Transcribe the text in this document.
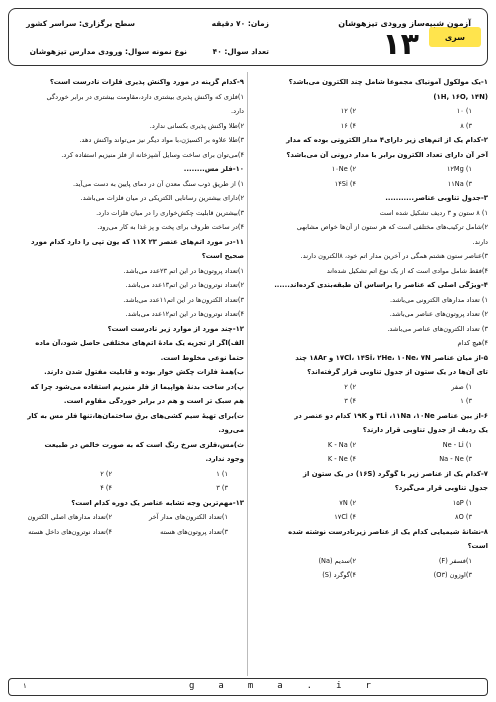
آزمون شبیه‌ساز ورودی تیزهوشان
سری
۱۳
زمان: ۷۰ دقیقه
سطح برگزاری: سراسر کشور
تعداد سوال: ۴۰
نوع نمونه سوال: ورودی مدارس تیزهوشان
۱-یک مولکول آمونیاک مجموعاً شامل چند الکترون می‌باشد؟
(۱H, ۱۶O, ۱۴N)
۱) ۱۰
۲) ۱۲
۳) ۸
۴) ۱۶
۲-کدام یک از اتم‌های زیر دارای۴ مدار الکترونی بوده که مدار
آخر آن دارای تعداد الکترون برابر با مدار درونی آن می‌باشد؟
۱) ۱۲Mg
۲) ۱۰Ne
۳) ۱۱Na
۴) ۱۴Si
۳-جدول تناوبی عناصر...........
۱) ۸ ستون و ۳ ردیف تشکیل شده است
۲)شامل ترکیب‌های مختلفی است که هر ستون از آن‌ها خواص مشابهی
دارند.
۳)عناصر ستون هشتم همگی در آخرین مدار اتم خود، ۸الکترون دارند.
۴)فقط شامل موادی است که از یک نوع اتم تشکیل شده‌اند
۴-ویژگی اصلی که عناصر را براساس آن طبقه‌بندی کرده‌اند......
۱) تعداد مدارهای الکترونی می‌باشد.
۲) تعداد پروتون‌های عناصر می‌باشد.
۳) تعداد الکترون‌های عناصر می‌باشد.
۴)هیچ کدام
۵-از میان عناصر ۱۷Cl، ۱۴Si، ۲He، ۱۰Ne، ۷N و ۱۸Ar چند
تای آن‌ها در یک ستون از جدول تناوبی قرار گرفته‌اند؟
۱) صفر
۲) ۲
۳) ۱
۴) ۳
۶-از بین عناصر ۳Li ،۱۱Na ،۱۰Ne و ۱۹K کدام دو عنصر در
یک ردیف از جدول تناوبی قرار دارند؟
۱) Ne - Li
۲) K - Na
۳) Na - Ne
۴) K - Ne
۷-کدام یک از عناصر زیر با گوگرد (۱۶S) در یک ستون از
جدول تناوبی قرار می‌گیرد؟
۱) ۱۵P
۲) ۷N
۳) ۸O
۴) ۱۷Cl
۸-نشانهٔ شیمیایی کدام یک از عناصر زیرنادرست نوشته شده
است؟
۱)فسفر (F)
۲)سدیم (Na)
۳)اوزون (O۳)
۴)گوگرد (S)
۹-کدام گزینه در مورد واکنش پذیری فلزات نادرست است؟
۱)فلزی که واکنش پذیری بیشتری دارد،مقاومت بیشتری در برابر خوردگی
دارد.
۲)طلا واکنش پذیری بکسانی ندارد.
۳)طلا علاوه بر اکسیژن،با مواد دیگر نیز می‌تواند واکنش دهد.
۴)می‌توان برای ساخت وسایل آشپزخانه از فلز منیزیم استفاده کرد.
۱۰-فلز مس........
۱) از طریق ذوب سنگ معدن آن در دمای پایین به دست می‌آید.
۲)دارای بیشترین رسانایی الکتریکی در میان فلزات می‌باشد.
۳)بیشترین قابلیت چکش‌خواری را در میان فلزات دارد.
۴)در ساخت ظروف برای پخت و پز غذا به کار می‌رود.
۱۱-در مورد اتم‌های عنصر ۲۳ ۱۱X که یون تپی را دارد کدام مورد
صحیح است؟
۱)تعداد پروتون‌ها در این اتم ۲۳عدد می‌باشد.
۲)تعداد نوترون‌ها در این اتم۱۳عدد می‌باشد.
۳)تعداد الکترون‌ها در این اتم۱۱عدد می‌باشد.
۴)تعداد نوترون‌ها در این اتم۱۲عدد می‌باشد.
۱۲-چند مورد از موارد زیر نادرست است؟
الف)اگر از تجزیه یک مادهٔ اتم‌های مختلفی حاصل شود،آن ماده
حتماً نوعی مخلوط است.
ب)همهٔ فلزات چکش خوار بوده و قابلیت مفتول شدن دارند.
پ)در ساخت بدنهٔ هواپیما از فلز منیزیم استفاده می‌شود چرا که
هم سبک تر است و هم در برابر خوردگی مقاوم است.
ت)برای تهیهٔ سیم کشی‌های برق ساختمان‌ها،تنها فلز مس به کار
می‌رود.
ث)مس،فلزی سرخ رنگ است که به صورت خالص در طبیعت
وجود ندارد.
۱) ۱
۲) ۲
۳) ۳
۴) ۴
۱۳-مهم‌ترین وجه تشابه عناصر یک دوره کدام است؟
۱)تعداد الکترون‌های مدار آخر
۲)تعداد مدارهای اصلی الکترون
۳)تعداد پروتون‌های هسته
۴)تعداد نوترون‌های داخل هسته
۱	gama.ir
